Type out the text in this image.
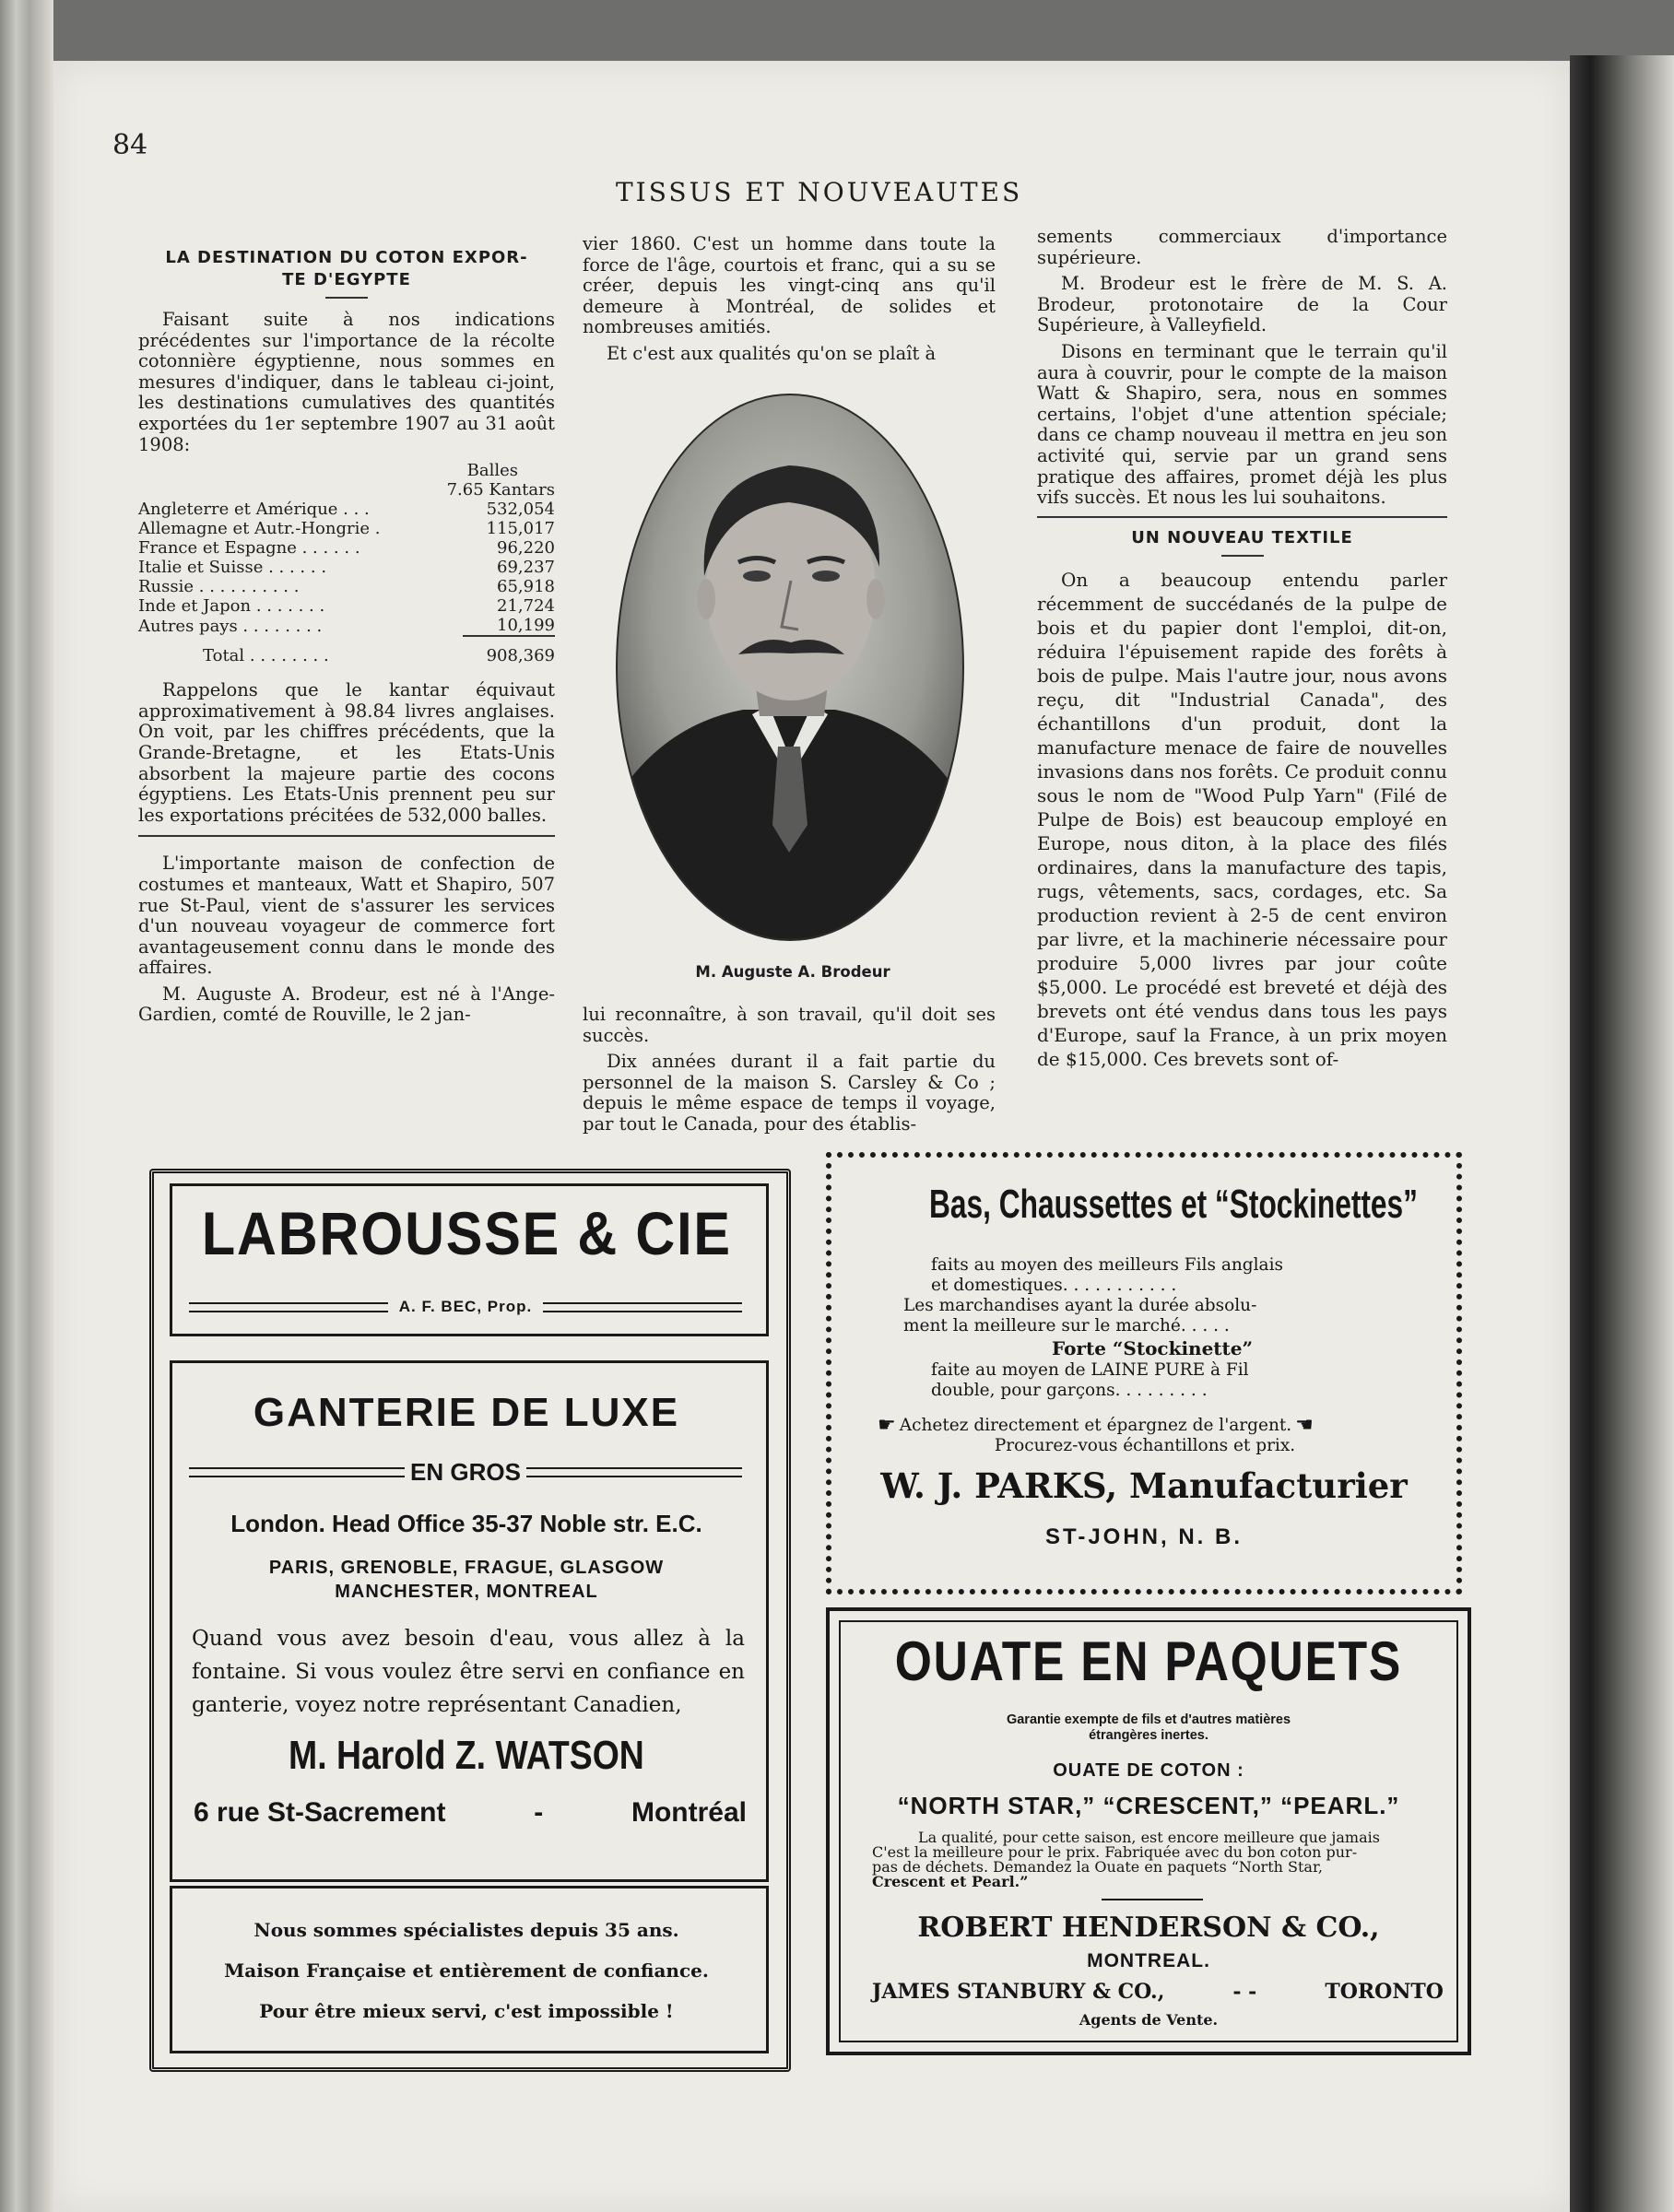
84
TISSUS ET NOUVEAUTES
LA DESTINATION DU COTON EXPOR-
TE D'EGYPTE

Faisant suite à nos indications précédentes sur l'importance de la récolte cotonnière égyptienne, nous sommes en mesures d'indiquer, dans le tableau ci-joint, les destinations cumulatives des quantités exportées du 1er septembre 1907 au 31 août 1908:

Balles
7.65 Kantars
Angleterre et Amérique . . .	532,054
Allemagne et Autr.-Hongrie .	115,017
France et Espagne . . . . . .	96,220
Italie et Suisse . . . . . .	69,237
Russie . . . . . . . . . .	65,918
Inde et Japon . . . . . . .	21,724
Autres pays . . . . . . . .	10,199
Total . . . . . . . .	908,369

Rappelons que le kantar équivaut approximativement à 98.84 livres anglaises. On voit, par les chiffres précédents, que la Grande-Bretagne, et les Etats-Unis absorbent la majeure partie des cocons égyptiens. Les Etats-Unis prennent peu sur les exportations précitées de 532,000 balles.

L'importante maison de confection de costumes et manteaux, Watt et Shapiro, 507 rue St-Paul, vient de s'assurer les services d'un nouveau voyageur de commerce fort avantageusement connu dans le monde des affaires.

M. Auguste A. Brodeur, est né à l'Ange-Gardien, comté de Rouville, le 2 jan-

vier 1860. C'est un homme dans toute la force de l'âge, courtois et franc, qui a su se créer, depuis les vingt-cinq ans qu'il demeure à Montréal, de solides et nombreuses amitiés.

Et c'est aux qualités qu'on se plaît à

M. Auguste A. Brodeur

lui reconnaître, à son travail, qu'il doit ses succès.

Dix années durant il a fait partie du personnel de la maison S. Carsley & Co ; depuis le même espace de temps il voyage, par tout le Canada, pour des établis-

sements commerciaux d'importance supérieure.

M. Brodeur est le frère de M. S. A. Brodeur, protonotaire de la Cour Supérieure, à Valleyfield.

Disons en terminant que le terrain qu'il aura à couvrir, pour le compte de la maison Watt & Shapiro, sera, nous en sommes certains, l'objet d'une attention spéciale; dans ce champ nouveau il mettra en jeu son activité qui, servie par un grand sens pratique des affaires, promet déjà les plus vifs succès. Et nous les lui souhaitons.

UN NOUVEAU TEXTILE

On a beaucoup entendu parler récemment de succédanés de la pulpe de bois et du papier dont l'emploi, dit-on, réduira l'épuisement rapide des forêts à bois de pulpe. Mais l'autre jour, nous avons reçu, dit "Industrial Canada", des échantillons d'un produit, dont la manufacture menace de faire de nouvelles invasions dans nos forêts. Ce produit connu sous le nom de "Wood Pulp Yarn" (Filé de Pulpe de Bois) est beaucoup employé en Europe, nous diton, à la place des filés ordinaires, dans la manufacture des tapis, rugs, vêtements, sacs, cordages, etc. Sa production revient à 2-5 de cent environ par livre, et la machinerie nécessaire pour produire 5,000 livres par jour coûte $5,000. Le procédé est breveté et déjà des brevets ont été vendus dans tous les pays d'Europe, sauf la France, à un prix moyen de $15,000. Ces brevets sont of-

LABROUSSE & CIE
A. F. BEC, Prop.
GANTERIE DE LUXE
EN GROS
London. Head Office 35-37 Noble str. E.C.
PARIS, GRENOBLE, FRAGUE, GLASGOW
MANCHESTER, MONTREAL
Quand vous avez besoin d'eau, vous allez à la fontaine. Si vous voulez être servi en confiance en ganterie, voyez notre représentant Canadien,
M. Harold Z. WATSON
6 rue St-Sacrement	-	Montréal
Nous sommes spécialistes depuis 35 ans.
Maison Française et entièrement de confiance.
Pour être mieux servi, c'est impossible !
Bas, Chaussettes et “Stockinettes”
faits au moyen des meilleurs Fils anglais
et domestiques. . . . . . . . . . .
Les marchandises ayant la durée absolu-
ment la meilleure sur le marché. . . . .
Forte “Stockinette”
faite au moyen de LAINE PURE à Fil
double, pour garçons. . . . . . . . .
☛ Achetez directement et épargnez de l'argent. ☚
Procurez-vous échantillons et prix.
W. J. PARKS, Manufacturier
ST-JOHN, N. B.
OUATE EN PAQUETS
Garantie exempte de fils et d'autres matières
étrangères inertes.
OUATE DE COTON :
“NORTH STAR,” “CRESCENT,” “PEARL.”
La qualité, pour cette saison, est encore meilleure que jamais
C'est la meilleure pour le prix. Fabriquée avec du bon coton pur-
pas de déchets. Demandez la Ouate en paquets “North Star,
Crescent et Pearl.”
ROBERT HENDERSON & CO.,
MONTREAL.
JAMES STANBURY & CO.,	- -	TORONTO
Agents de Vente.
